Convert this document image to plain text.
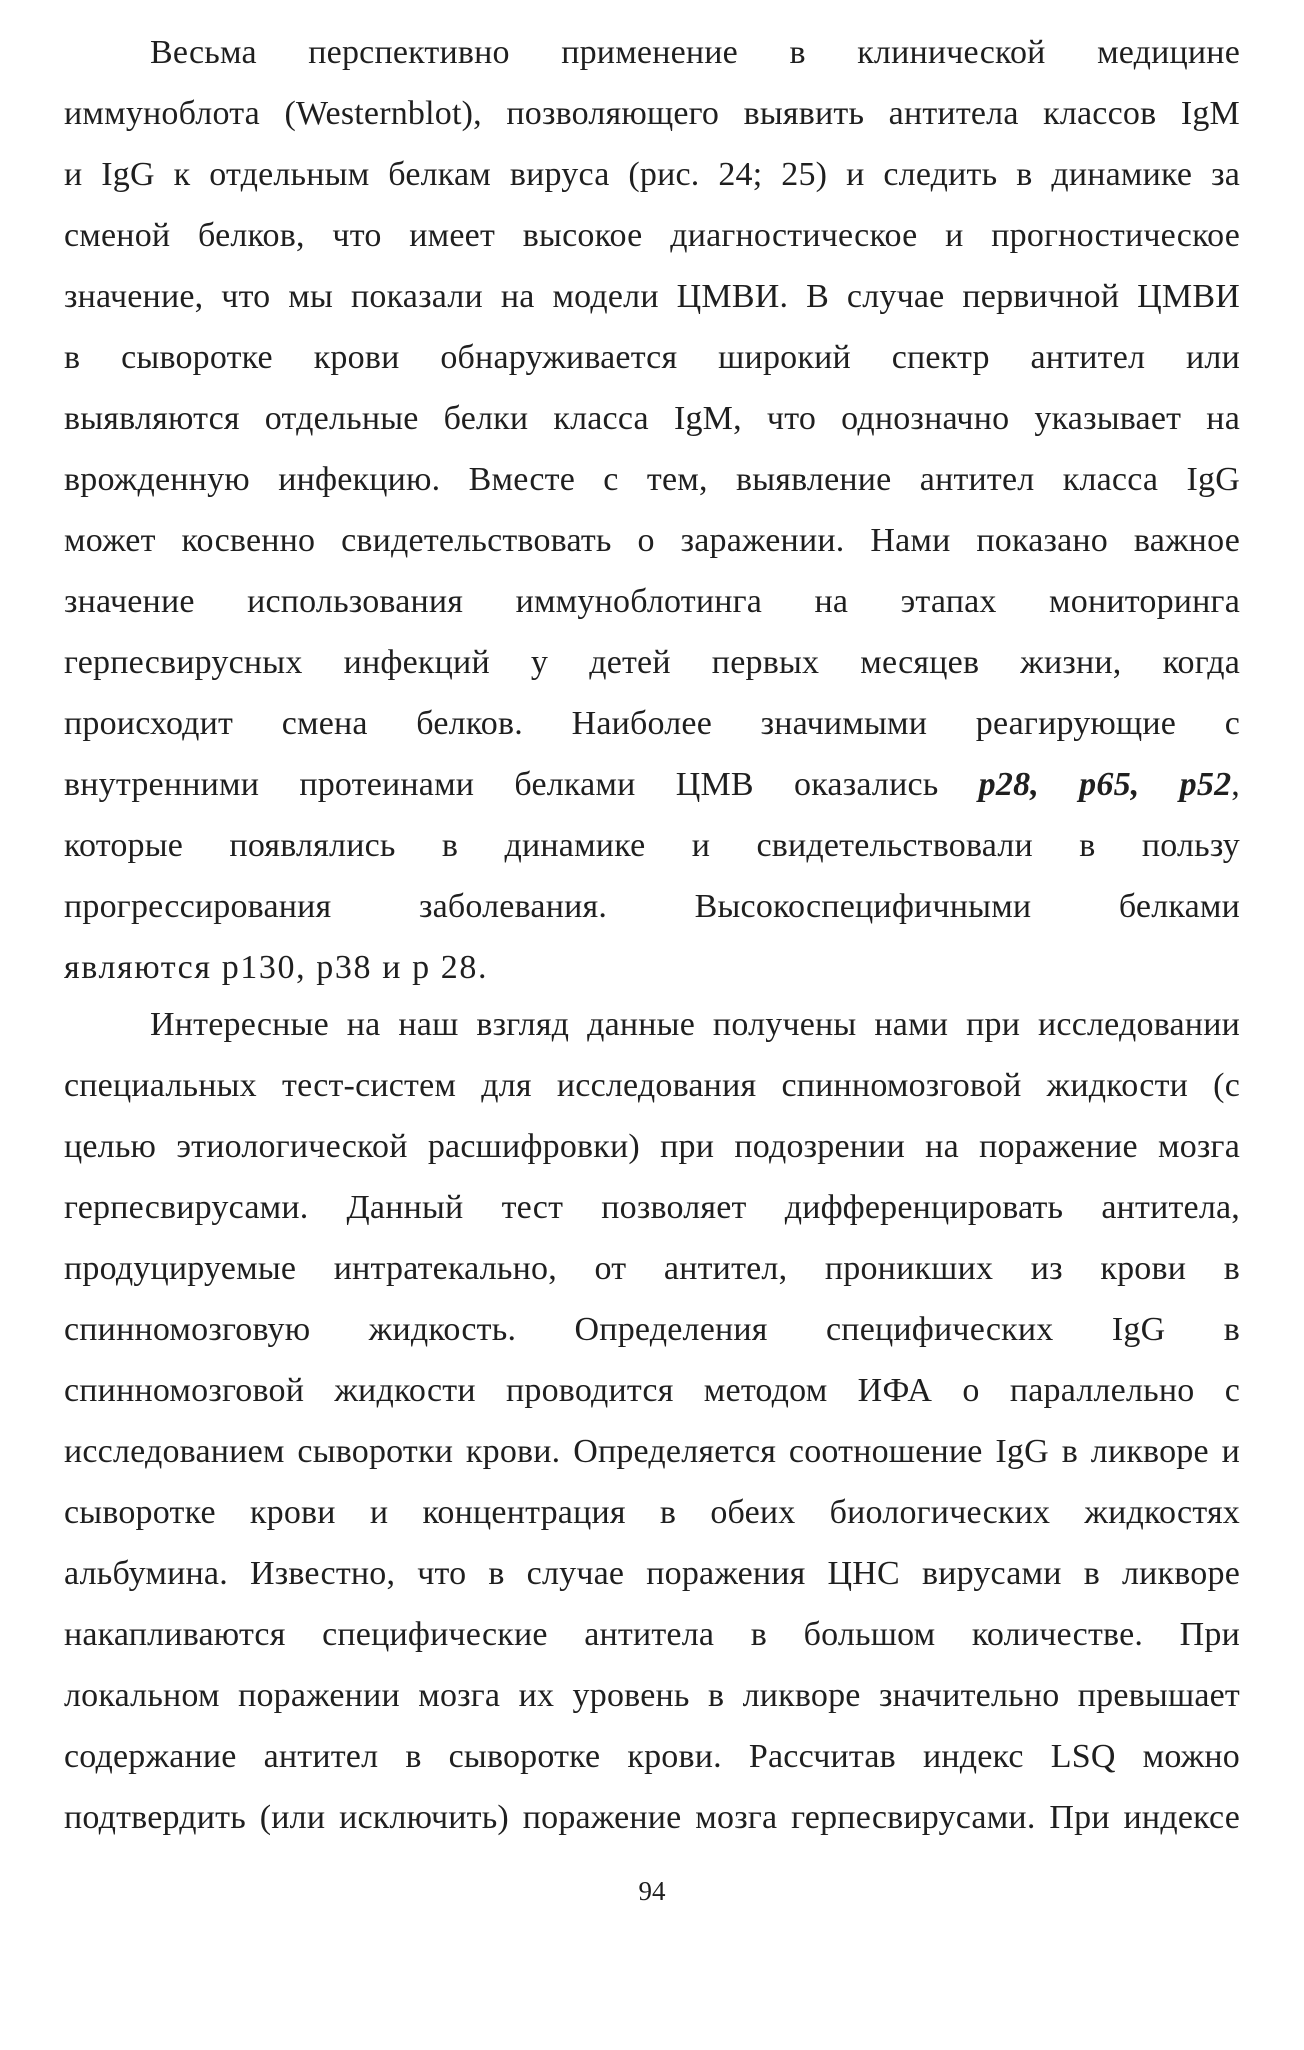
Весьма перспективно применение в клинической медицине
иммуноблота (Westernblot), позволяющего выявить антитела классов IgM
и IgG к отдельным белкам вируса (рис. 24; 25) и следить в динамике за
сменой белков, что имеет высокое диагностическое и прогностическое
значение, что мы показали на модели ЦМВИ. В случае первичной ЦМВИ
в сыворотке крови обнаруживается широкий спектр антител или
выявляются отдельные белки класса IgM, что однозначно указывает на
врожденную инфекцию. Вместе с тем, выявление антител класса IgG
может косвенно свидетельствовать о заражении. Нами показано важное
значение использования иммуноблотинга на этапах мониторинга
герпесвирусных инфекций у детей первых месяцев жизни, когда
происходит смена белков. Наиболее значимыми реагирующие с
внутренними протеинами белками ЦМВ оказались p28, p65, p52,
которые появлялись в динамике и свидетельствовали в пользу
прогрессирования заболевания. Высокоспецифичными белками
являются p130, p38 и p 28.
Интересные на наш взгляд данные получены нами при исследовании
специальных тест-систем для исследования спинномозговой жидкости (с
целью этиологической расшифровки) при подозрении на поражение мозга
герпесвирусами. Данный тест позволяет дифференцировать антитела,
продуцируемые интратекально, от антител, проникших из крови в
спинномозговую жидкость. Определения специфических IgG в
спинномозговой жидкости проводится методом ИФА о параллельно с
исследованием сыворотки крови. Определяется соотношение IgG в ликворе и
сыворотке крови и концентрация в обеих биологических жидкостях
альбумина. Известно, что в случае поражения ЦНС вирусами в ликворе
накапливаются специфические антитела в большом количестве. При
локальном поражении мозга их уровень в ликворе значительно превышает
содержание антител в сыворотке крови. Рассчитав индекс LSQ можно
подтвердить (или исключить) поражение мозга герпесвирусами. При индексе
94
